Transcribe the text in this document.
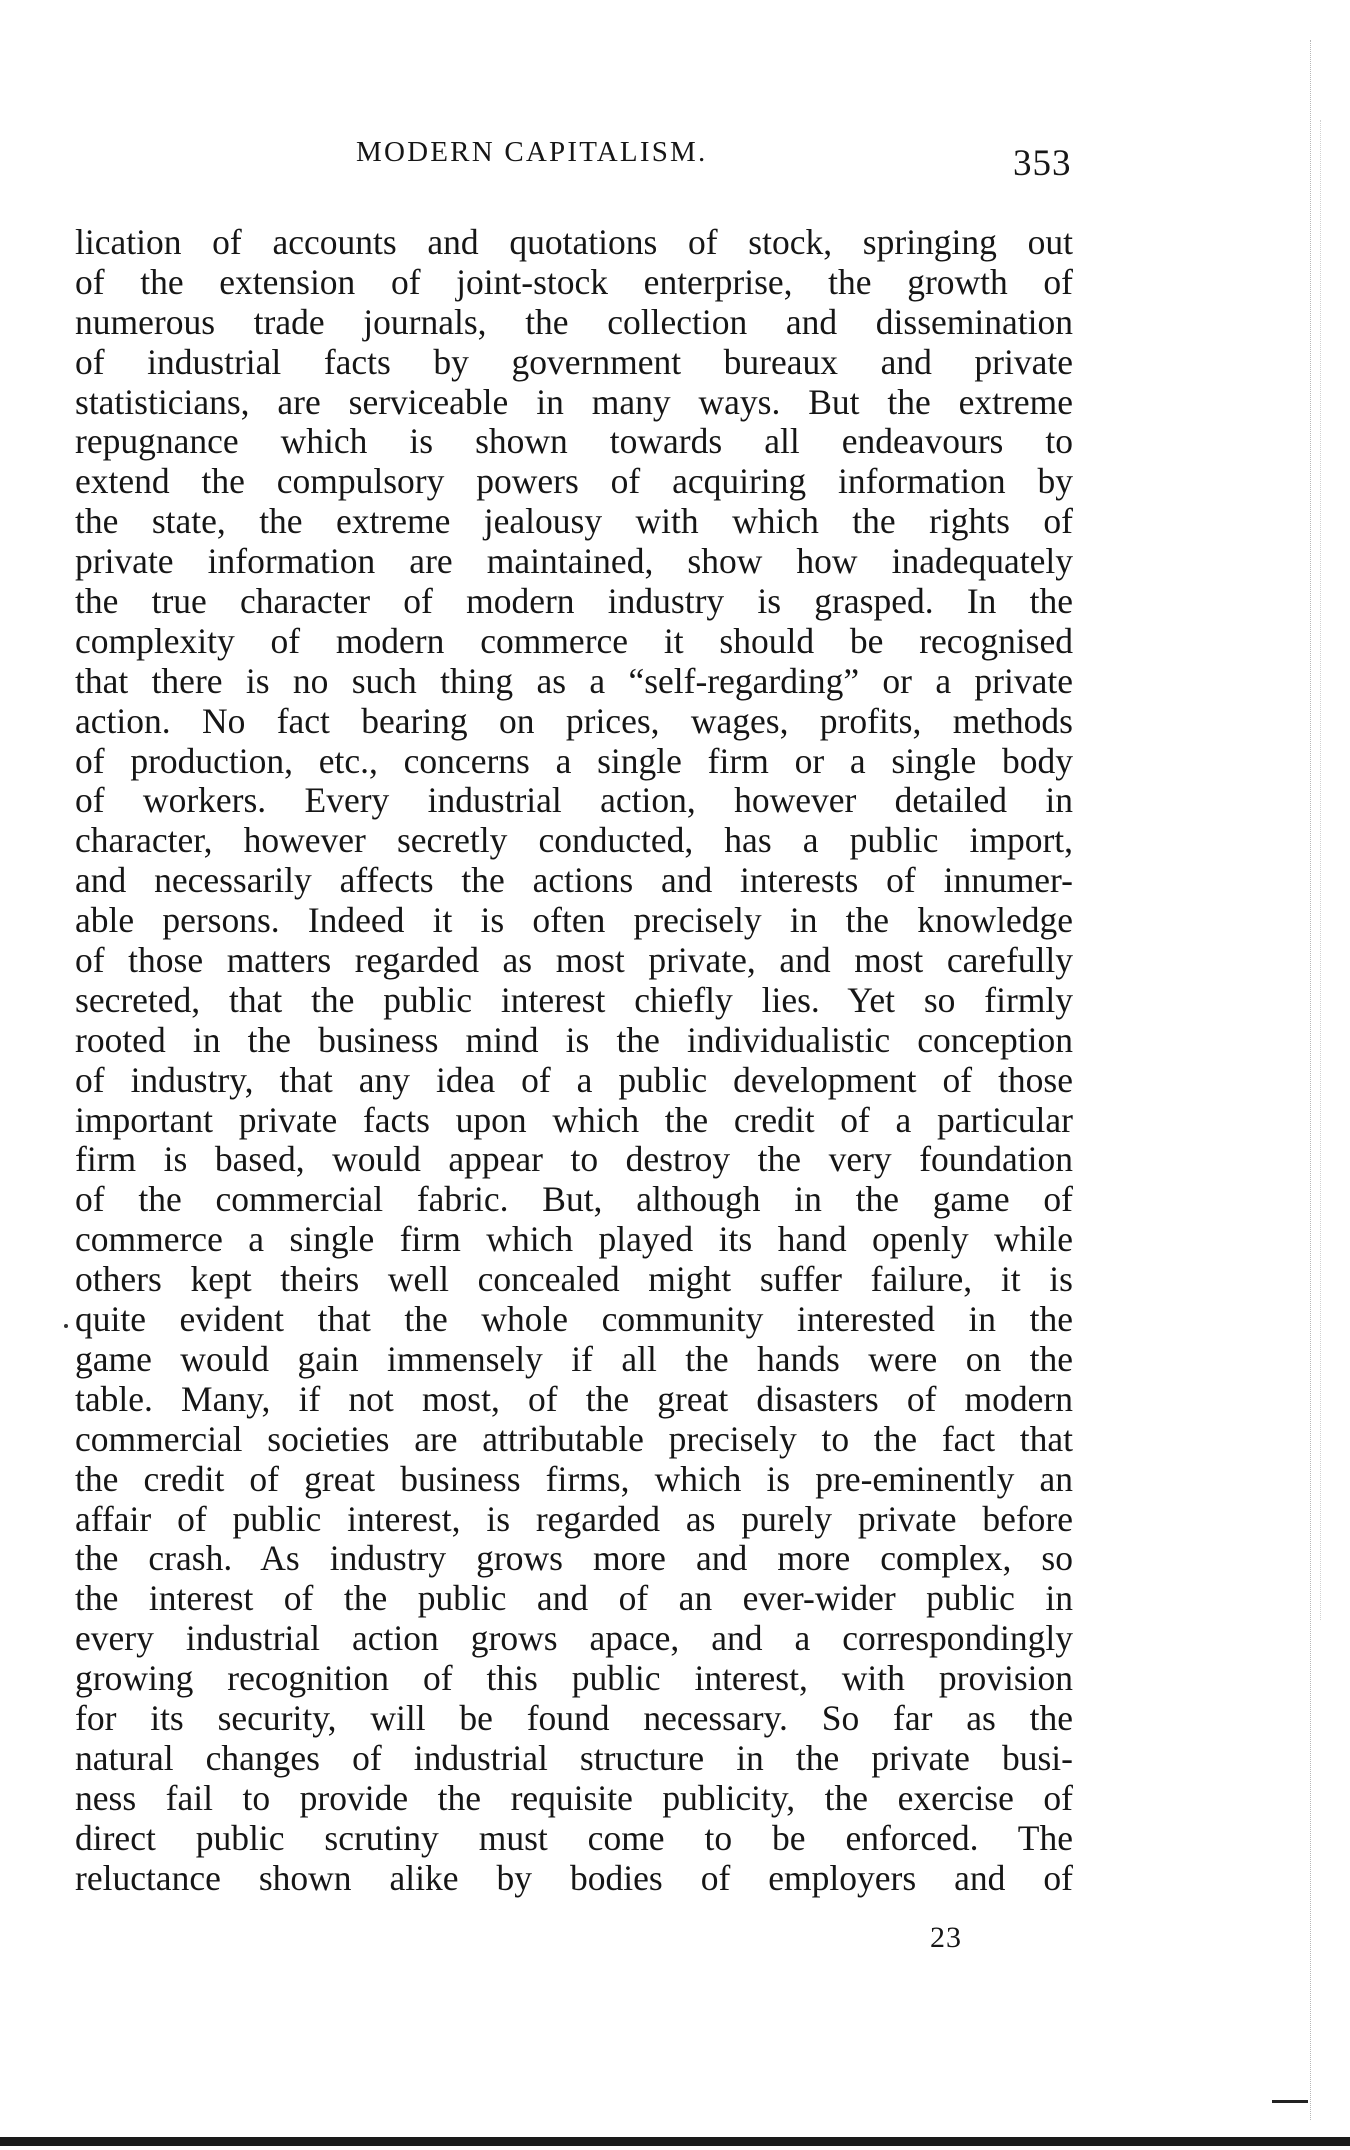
MODERN CAPITALISM.	353
lication of accounts and quotations of stock, springing out
of the extension of joint-stock enterprise, the growth of
numerous trade journals, the collection and dissemination
of industrial facts by government bureaux and private
statisticians, are serviceable in many ways. But the extreme
repugnance which is shown towards all endeavours to
extend the compulsory powers of acquiring information by
the state, the extreme jealousy with which the rights of
private information are maintained, show how inadequately
the true character of modern industry is grasped. In the
complexity of modern commerce it should be recognised
that there is no such thing as a “self-regarding” or a private
action. No fact bearing on prices, wages, profits, methods
of production, etc., concerns a single firm or a single body
of workers. Every industrial action, however detailed in
character, however secretly conducted, has a public import,
and necessarily affects the actions and interests of innumer-
able persons. Indeed it is often precisely in the knowledge
of those matters regarded as most private, and most carefully
secreted, that the public interest chiefly lies. Yet so firmly
rooted in the business mind is the individualistic conception
of industry, that any idea of a public development of those
important private facts upon which the credit of a particular
firm is based, would appear to destroy the very foundation
of the commercial fabric. But, although in the game of
commerce a single firm which played its hand openly while
others kept theirs well concealed might suffer failure, it is
quite evident that the whole community interested in the
game would gain immensely if all the hands were on the
table. Many, if not most, of the great disasters of modern
commercial societies are attributable precisely to the fact that
the credit of great business firms, which is pre-eminently an
affair of public interest, is regarded as purely private before
the crash. As industry grows more and more complex, so
the interest of the public and of an ever-wider public in
every industrial action grows apace, and a correspondingly
growing recognition of this public interest, with provision
for its security, will be found necessary. So far as the
natural changes of industrial structure in the private busi-
ness fail to provide the requisite publicity, the exercise of
direct public scrutiny must come to be enforced. The
reluctance shown alike by bodies of employers and of
23
